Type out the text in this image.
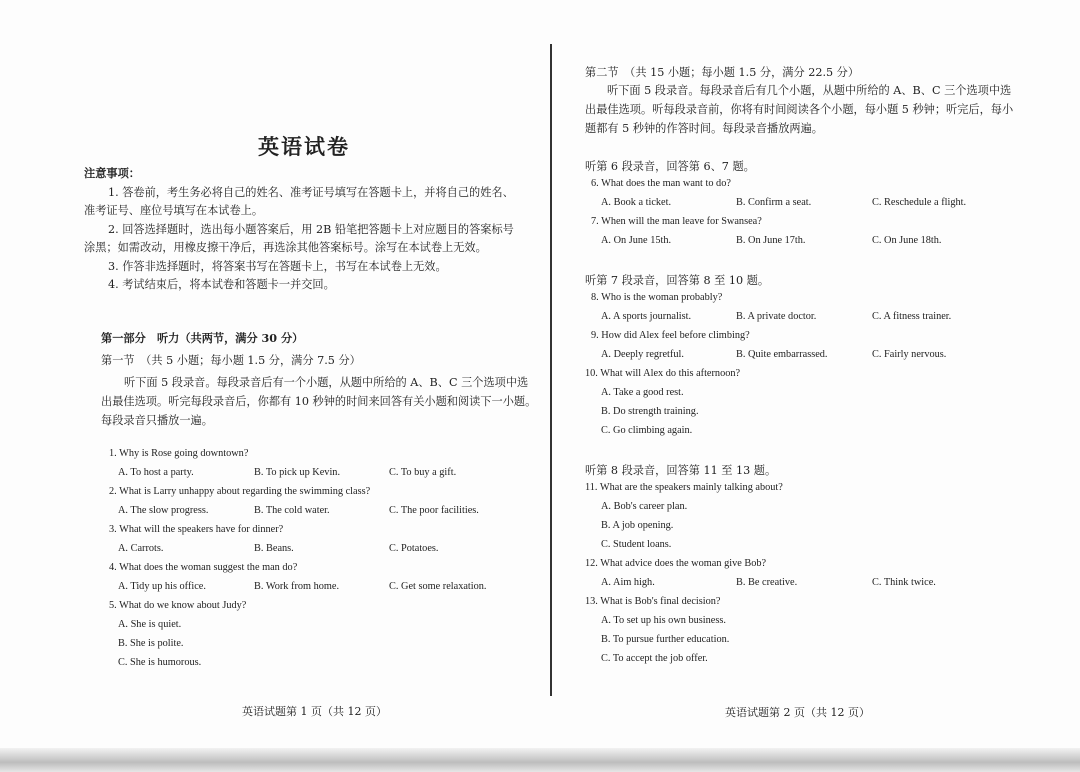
英语试卷
注意事项：
1. 答卷前，考生务必将自己的姓名、准考证号填写在答题卡上，并将自己的姓名、
准考证号、座位号填写在本试卷上。
2. 回答选择题时，选出每小题答案后，用 2B 铅笔把答题卡上对应题目的答案标号
涂黑；如需改动，用橡皮擦干净后，再选涂其他答案标号。涂写在本试卷上无效。
3. 作答非选择题时，将答案书写在答题卡上，书写在本试卷上无效。
4. 考试结束后，将本试卷和答题卡一并交回。
第一部分　听力（共两节，满分 30 分）
第一节　（共 5 小题；每小题 1.5 分，满分 7.5 分）
听下面 5 段录音。每段录音后有一个小题，从题中所给的 A、B、C 三个选项中选
出最佳选项。听完每段录音后，你都有 10 秒钟的时间来回答有关小题和阅读下一小题。
每段录音只播放一遍。
1. Why is Rose going downtown?
A. To host a party.	B. To pick up Kevin.	C. To buy a gift.
2. What is Larry unhappy about regarding the swimming class?
A. The slow progress.	B. The cold water.	C. The poor facilities.
3. What will the speakers have for dinner?
A. Carrots.	B. Beans.	C. Potatoes.
4. What does the woman suggest the man do?
A. Tidy up his office.	B. Work from home.	C. Get some relaxation.
5. What do we know about Judy?
A. She is quiet.
B. She is polite.
C. She is humorous.
英语试题第 1 页（共 12 页）
第二节　（共 15 小题；每小题 1.5 分，满分 22.5 分）
听下面 5 段录音。每段录音后有几个小题，从题中所给的 A、B、C 三个选项中选
出最佳选项。听每段录音前，你将有时间阅读各个小题，每小题 5 秒钟；听完后，每小
题都有 5 秒钟的作答时间。每段录音播放两遍。
听第 6 段录音，回答第 6、7 题。
6. What does the man want to do?
A. Book a ticket.	B. Confirm a seat.	C. Reschedule a flight.
7. When will the man leave for Swansea?
A. On June 15th.	B. On June 17th.	C. On June 18th.
听第 7 段录音，回答第 8 至 10 题。
8. Who is the woman probably?
A. A sports journalist.	B. A private doctor.	C. A fitness trainer.
9. How did Alex feel before climbing?
A. Deeply regretful.	B. Quite embarrassed.	C. Fairly nervous.
10. What will Alex do this afternoon?
A. Take a good rest.
B. Do strength training.
C. Go climbing again.
听第 8 段录音，回答第 11 至 13 题。
11. What are the speakers mainly talking about?
A. Bob's career plan.
B. A job opening.
C. Student loans.
12. What advice does the woman give Bob?
A. Aim high.	B. Be creative.	C. Think twice.
13. What is Bob's final decision?
A. To set up his own business.
B. To pursue further education.
C. To accept the job offer.
英语试题第 2 页（共 12 页）
